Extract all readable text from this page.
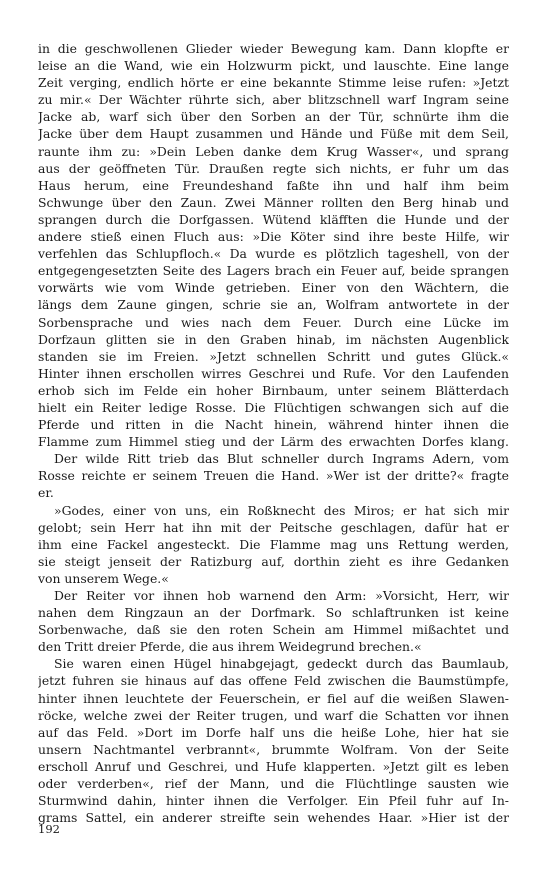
in die geschwollenen Glieder wieder Bewegung kam. Dann klopfte er
leise an die Wand, wie ein Holzwurm pickt, und lauschte. Eine lange
Zeit verging, endlich hörte er eine bekannte Stimme leise rufen: »Jetzt
zu mir.« Der Wächter rührte sich, aber blitzschnell warf Ingram seine
Jacke ab, warf sich über den Sorben an der Tür, schnürte ihm die
Jacke über dem Haupt zusammen und Hände und Füße mit dem Seil,
raunte ihm zu: »Dein Leben danke dem Krug Wasser«, und sprang
aus der geöffneten Tür. Draußen regte sich nichts, er fuhr um das
Haus herum, eine Freundeshand faßte ihn und half ihm beim
Schwunge über den Zaun. Zwei Männer rollten den Berg hinab und
sprangen durch die Dorfgassen. Wütend kläfften die Hunde und der
andere stieß einen Fluch aus: »Die Köter sind ihre beste Hilfe, wir
verfehlen das Schlupfloch.« Da wurde es plötzlich tageshell, von der
entgegengesetzten Seite des Lagers brach ein Feuer auf, beide sprangen
vorwärts wie vom Winde getrieben. Einer von den Wächtern, die
längs dem Zaune gingen, schrie sie an, Wolfram antwortete in der
Sorbensprache und wies nach dem Feuer. Durch eine Lücke im
Dorfzaun glitten sie in den Graben hinab, im nächsten Augenblick
standen sie im Freien. »Jetzt schnellen Schritt und gutes Glück.«
Hinter ihnen erschollen wirres Geschrei und Rufe. Vor den Laufenden
erhob sich im Felde ein hoher Birnbaum, unter seinem Blätterdach
hielt ein Reiter ledige Rosse. Die Flüchtigen schwangen sich auf die
Pferde und ritten in die Nacht hinein, während hinter ihnen die
Flamme zum Himmel stieg und der Lärm des erwachten Dorfes klang.
Der wilde Ritt trieb das Blut schneller durch Ingrams Adern, vom
Rosse reichte er seinem Treuen die Hand. »Wer ist der dritte?« fragte
er.
»Godes, einer von uns, ein Roßknecht des Miros; er hat sich mir
gelobt; sein Herr hat ihn mit der Peitsche geschlagen, dafür hat er
ihm eine Fackel angesteckt. Die Flamme mag uns Rettung werden,
sie steigt jenseit der Ratizburg auf, dorthin zieht es ihre Gedanken
von unserem Wege.«
Der Reiter vor ihnen hob warnend den Arm: »Vorsicht, Herr, wir
nahen dem Ringzaun an der Dorfmark. So schlaftrunken ist keine
Sorbenwache, daß sie den roten Schein am Himmel mißachtet und
den Tritt dreier Pferde, die aus ihrem Weidegrund brechen.«
Sie waren einen Hügel hinabgejagt, gedeckt durch das Baumlaub,
jetzt fuhren sie hinaus auf das offene Feld zwischen die Baumstümpfe,
hinter ihnen leuchtete der Feuerschein, er fiel auf die weißen Slawen-
röcke, welche zwei der Reiter trugen, und warf die Schatten vor ihnen
auf das Feld. »Dort im Dorfe half uns die heiße Lohe, hier hat sie
unsern Nachtmantel verbrannt«, brummte Wolfram. Von der Seite
erscholl Anruf und Geschrei, und Hufe klapperten. »Jetzt gilt es leben
oder verderben«, rief der Mann, und die Flüchtlinge sausten wie
Sturmwind dahin, hinter ihnen die Verfolger. Ein Pfeil fuhr auf In-
grams Sattel, ein anderer streifte sein wehendes Haar. »Hier ist der
192
